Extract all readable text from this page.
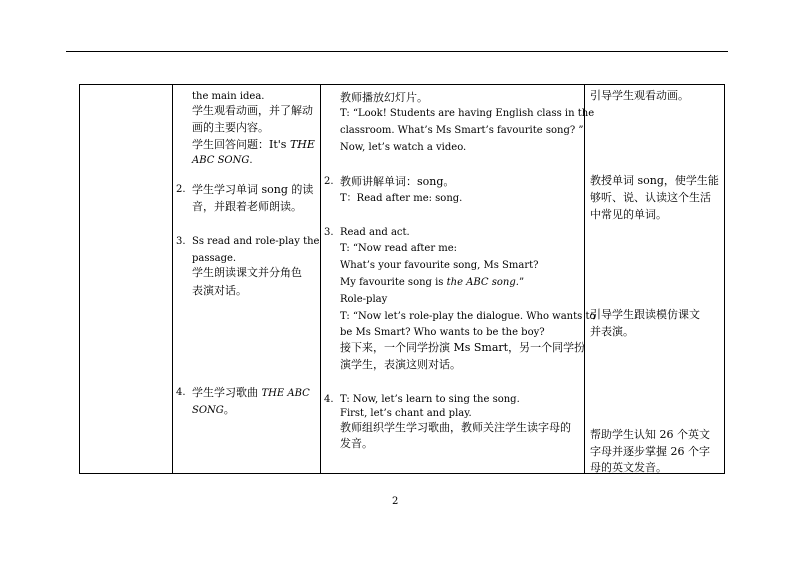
the main idea.
学生观看动画，并了解动
画的主要内容。
学生回答问题：It's THE
ABC SONG.
2. 学生学习单词 song 的读
音，并跟着老师朗读。
3. Ss read and role-play the
passage.
学生朗读课文并分角色
表演对话。
4. 学生学习歌曲 THE ABC
SONG。
教师播放幻灯片。
T: “Look! Students are having English class in the
classroom. What’s Ms Smart’s favourite song? ”
Now, let’s watch a video.
2. 教师讲解单词：song。
T：Read after me: song.
3. Read and act.
T: “Now read after me:
What’s your favourite song, Ms Smart?
My favourite song is the ABC song.”
Role-play
T: “Now let’s role-play the dialogue. Who wants to
be Ms Smart? Who wants to be the boy?
接下来，一个同学扮演 Ms Smart，另一个同学扮
演学生，表演这则对话。
4. T: Now, let’s learn to sing the song.
First, let’s chant and play.
教师组织学生学习歌曲，教师关注学生读字母的
发音。
引导学生观看动画。
教授单词 song，使学生能
够听、说、认读这个生活
中常见的单词。
引导学生跟读模仿课文
并表演。
帮助学生认知 26 个英文
字母并逐步掌握 26 个字
母的英文发音。
2
